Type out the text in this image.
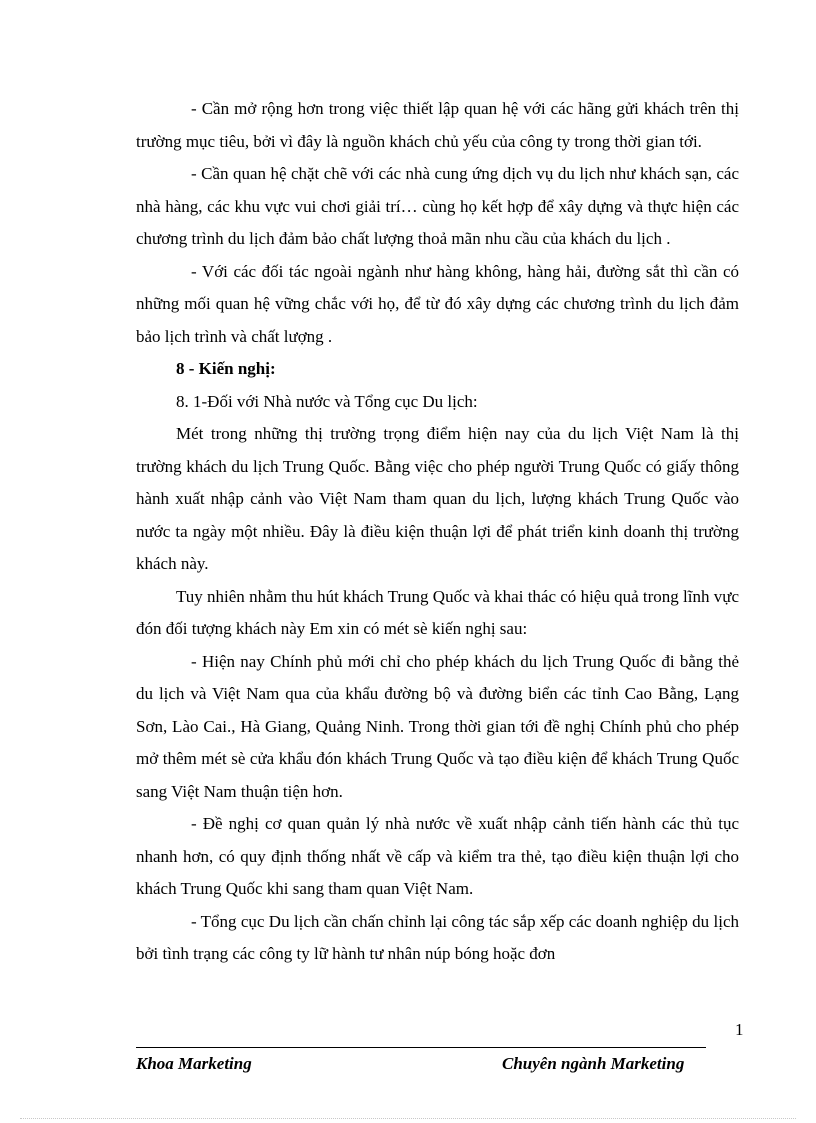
- Cần mở rộng hơn trong việc thiết lập quan hệ với các hãng gửi khách trên thị trường mục tiêu, bởi vì đây là nguồn khách chủ yếu của công ty trong thời gian tới.

- Cần quan hệ chặt chẽ với các nhà cung ứng dịch vụ du lịch như khách sạn, các nhà hàng, các khu vực vui chơi giải trí… cùng họ kết hợp để xây dựng và thực hiện các chương trình du lịch đảm bảo chất lượng thoả mãn nhu cầu của khách du lịch .

- Với các đối tác ngoài ngành như hàng không, hàng hải, đường sắt thì cần có những mối quan hệ vững chắc với họ, để từ đó xây dựng các chương trình du lịch đảm bảo lịch trình và chất lượng .

8 - Kiến nghị:

8. 1-Đối với Nhà nước và Tổng cục Du lịch:

Mét trong những thị trường trọng điểm hiện nay của du lịch Việt Nam là thị trường khách du lịch Trung Quốc. Bằng việc cho phép người Trung Quốc có giấy thông hành xuất nhập cảnh vào Việt Nam tham quan du lịch, lượng khách Trung Quốc vào nước ta ngày một nhiều. Đây là điều kiện thuận lợi để phát triển kinh doanh thị trường khách này.

Tuy nhiên nhằm thu hút khách Trung Quốc và khai thác có hiệu quả trong lĩnh vực đón đối tượng khách này Em xin có mét sè kiến nghị sau:

- Hiện nay Chính phủ mới chỉ cho phép khách du lịch Trung Quốc đi bằng thẻ du lịch và Việt Nam qua của khẩu đường bộ và đường biển các tỉnh Cao Bằng, Lạng Sơn, Lào Cai., Hà Giang, Quảng Ninh. Trong thời gian tới đề nghị Chính phủ cho phép mở thêm mét sè cửa khẩu đón khách Trung Quốc và tạo điều kiện để khách Trung Quốc sang Việt Nam thuận tiện hơn.

- Đề nghị cơ quan quản lý nhà nước về xuất nhập cảnh tiến hành các thủ tục nhanh hơn, có quy định thống nhất về cấp và kiểm tra thẻ, tạo điều kiện thuận lợi cho khách Trung Quốc khi sang tham quan Việt Nam.

- Tổng cục Du lịch cần chấn chỉnh lại công tác sắp xếp các doanh nghiệp du lịch bởi tình trạng các công ty lữ hành tư nhân núp bóng hoặc đơn

1
Khoa Marketing	Chuyên ngành Marketing
